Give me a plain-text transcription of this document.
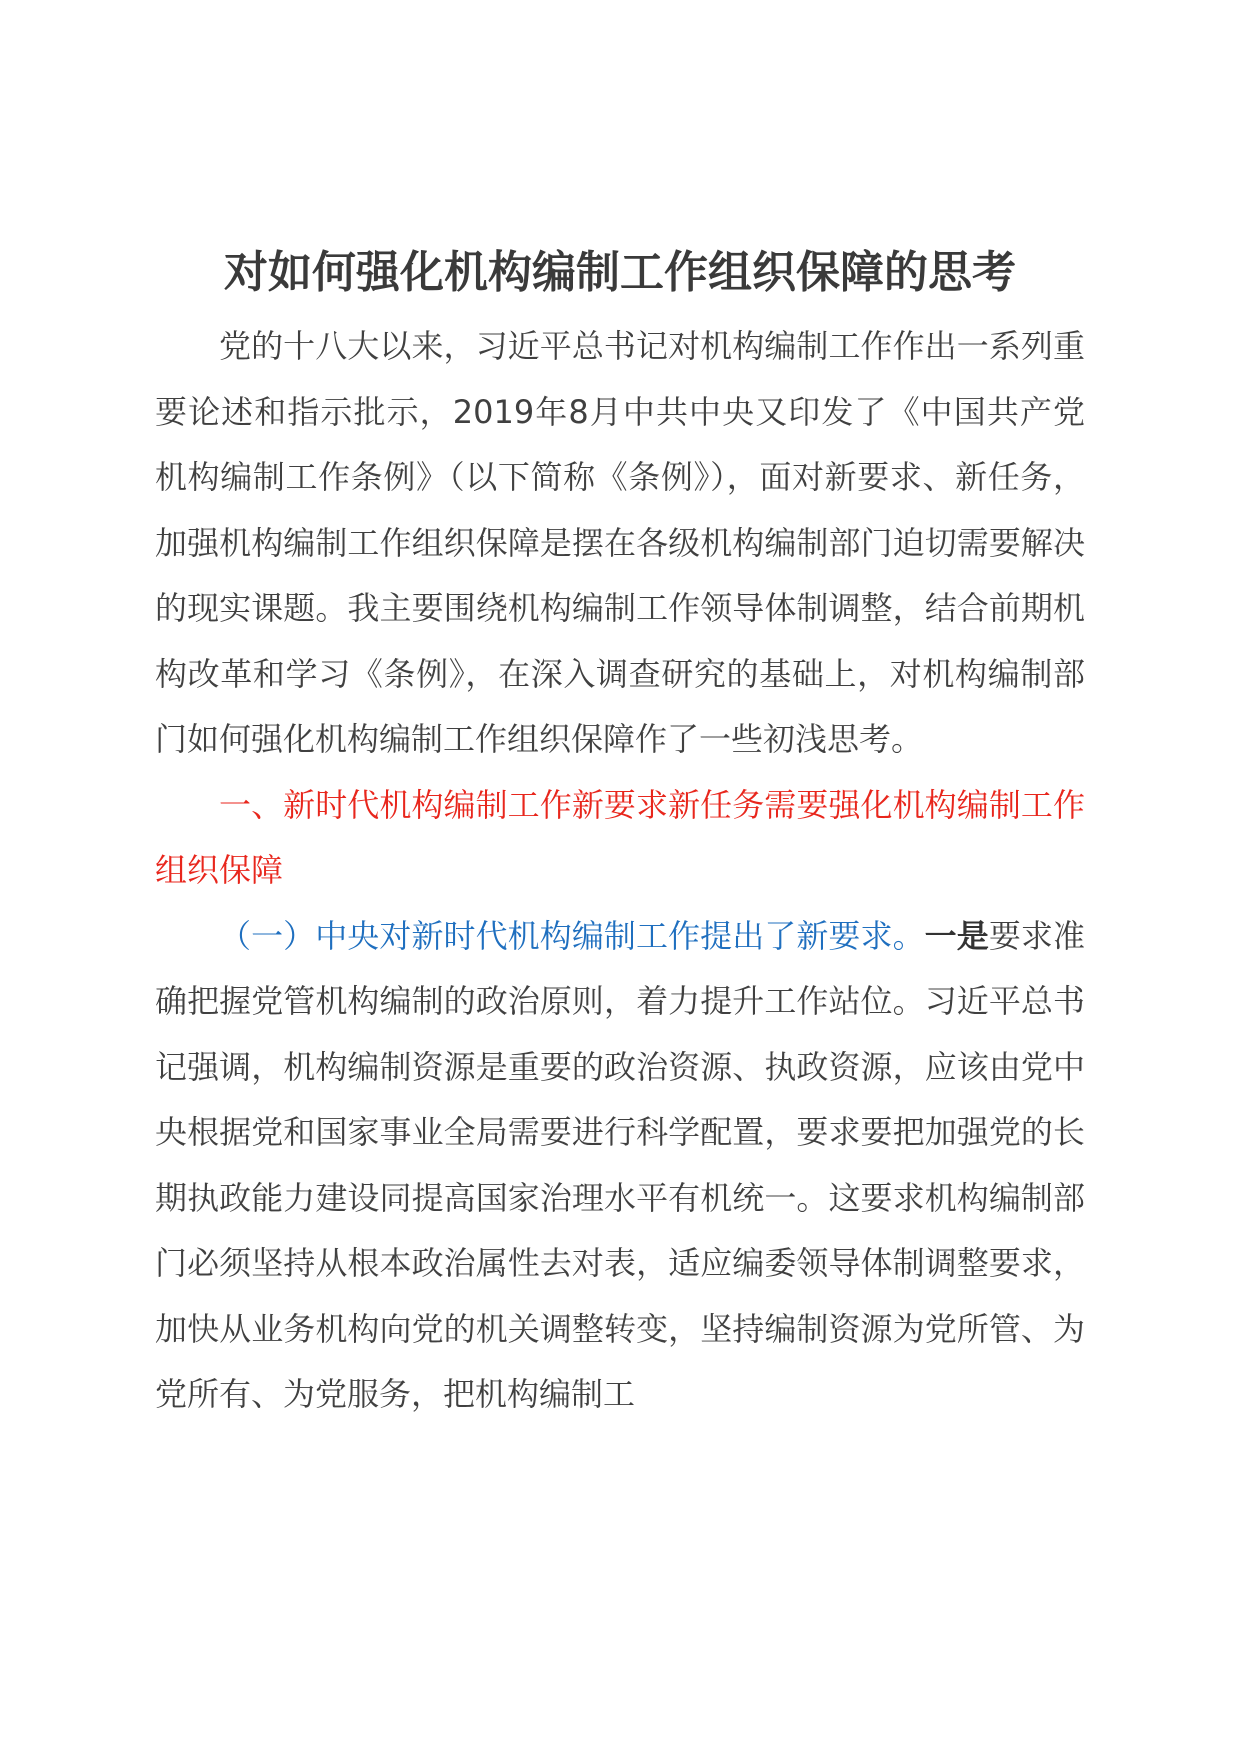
对如何强化机构编制工作组织保障的思考

党的十八大以来，习近平总书记对机构编制工作作出一系列重要论述和指示批示，2019年8月中共中央又印发了《中国共产党机构编制工作条例》（以下简称《条例》），面对新要求、新任务，加强机构编制工作组织保障是摆在各级机构编制部门迫切需要解决的现实课题。我主要围绕机构编制工作领导体制调整，结合前期机构改革和学习《条例》，在深入调查研究的基础上，对机构编制部门如何强化机构编制工作组织保障作了一些初浅思考。

一、新时代机构编制工作新要求新任务需要强化机构编制工作组织保障

（一）中央对新时代机构编制工作提出了新要求。一是要求准确把握党管机构编制的政治原则，着力提升工作站位。习近平总书记强调，机构编制资源是重要的政治资源、执政资源，应该由党中央根据党和国家事业全局需要进行科学配置，要求要把加强党的长期执政能力建设同提高国家治理水平有机统一。这要求机构编制部门必须坚持从根本政治属性去对表，适应编委领导体制调整要求，加快从业务机构向党的机关调整转变，坚持编制资源为党所管、为党所有、为党服务，把机构编制工
